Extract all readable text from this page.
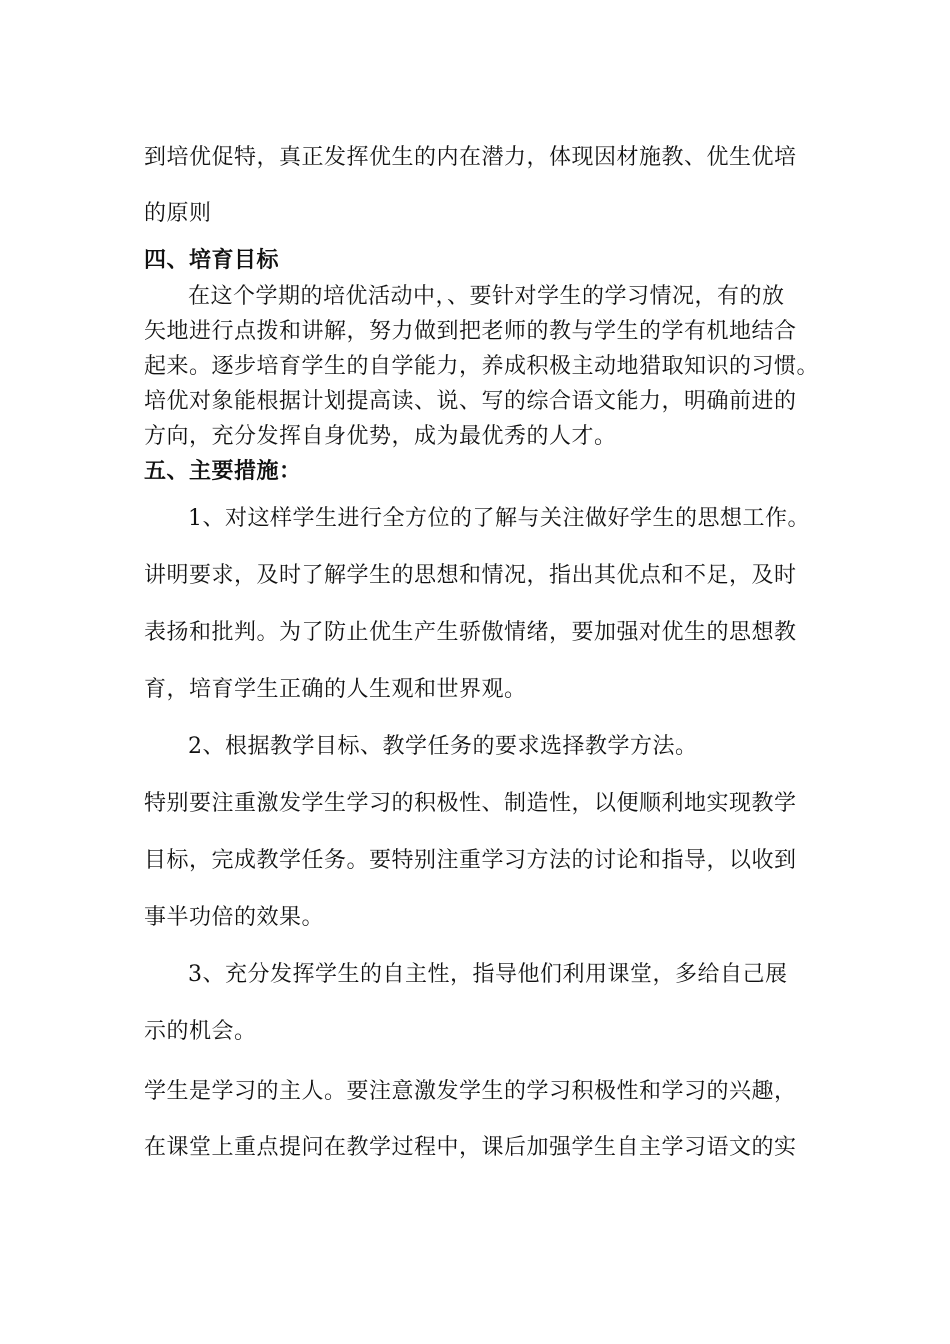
到培优促特，真正发挥优生的内在潜力，体现因材施教、优生优培
的原则
四、培育目标
在这个学期的培优活动中，、要针对学生的学习情况，有的放
矢地进行点拨和讲解，努力做到把老师的教与学生的学有机地结合
起来。逐步培育学生的自学能力，养成积极主动地猎取知识的习惯。
培优对象能根据计划提高读、说、写的综合语文能力，明确前进的
方向，充分发挥自身优势，成为最优秀的人才。
五、主要措施：
1、对这样学生进行全方位的了解与关注做好学生的思想工作。
讲明要求，及时了解学生的思想和情况，指出其优点和不足，及时
表扬和批判。为了防止优生产生骄傲情绪，要加强对优生的思想教
育，培育学生正确的人生观和世界观。
2、根据教学目标、教学任务的要求选择教学方法。
特别要注重激发学生学习的积极性、制造性，以便顺利地实现教学
目标，完成教学任务。要特别注重学习方法的讨论和指导，以收到
事半功倍的效果。
3、充分发挥学生的自主性，指导他们利用课堂，多给自己展
示的机会。
学生是学习的主人。要注意激发学生的学习积极性和学习的兴趣，
在课堂上重点提问在教学过程中，课后加强学生自主学习语文的实
